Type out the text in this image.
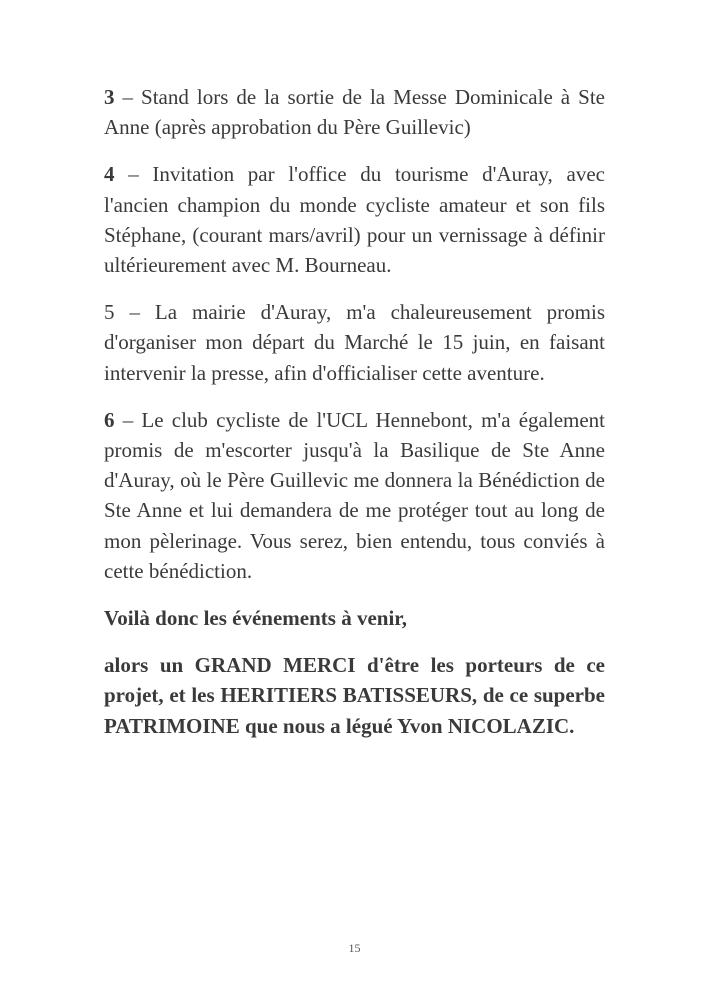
3 – Stand lors de la sortie de la Messe Dominicale à Ste Anne (après approbation du Père Guillevic)

4 – Invitation par l'office du tourisme d'Auray, avec l'ancien champion du monde cycliste amateur et son fils Stéphane, (courant mars/avril) pour un vernissage à définir ultérieurement avec M. Bourneau.

5 – La mairie d'Auray, m'a chaleureusement promis d'organiser mon départ du Marché le 15 juin, en faisant intervenir la presse, afin d'officialiser cette aventure.

6 – Le club cycliste de l'UCL Hennebont, m'a également promis de m'escorter jusqu'à la Basilique de Ste Anne d'Auray, où le Père Guillevic me donnera la Bénédiction de Ste Anne et lui demandera de me protéger tout au long de mon pèlerinage. Vous serez, bien entendu, tous conviés à cette bénédiction.

Voilà donc les événements à venir,

alors un GRAND MERCI d'être les porteurs de ce projet, et les HERITIERS BATISSEURS, de ce superbe PATRIMOINE que nous a légué Yvon NICOLAZIC.

15
